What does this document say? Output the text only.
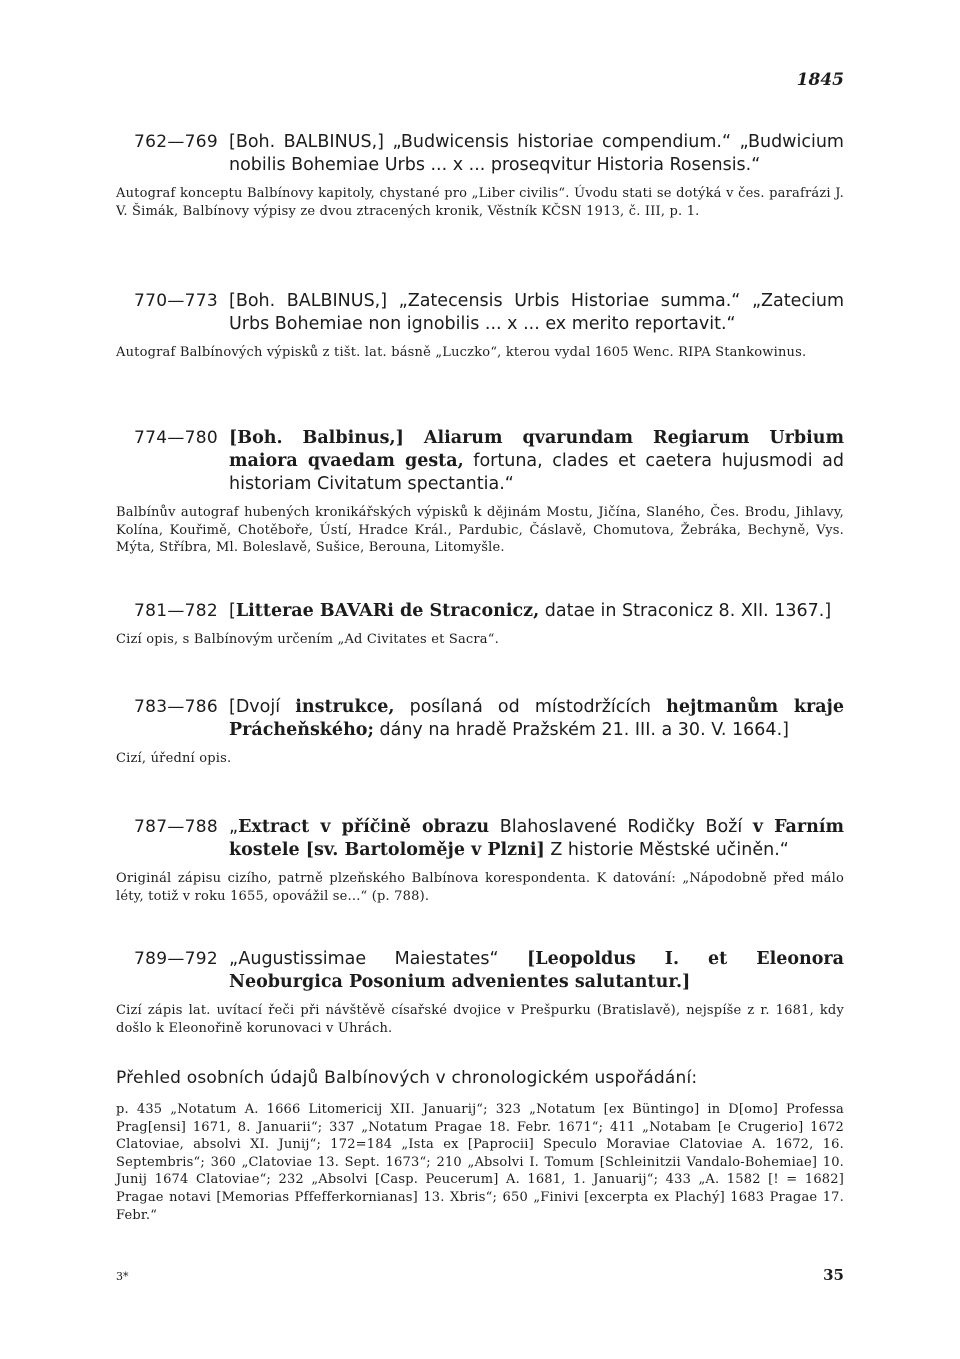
1845
762—769 [Boh. BALBINUS,] „Budwicensis historiae compendium.“ „Budwicium nobilis Bohemiae Urbs ... x ... proseqvitur Historia Rosensis.“
Autograf konceptu Balbínovy kapitoly, chystané pro „Liber civilis“. Úvodu stati se dotýká v čes. parafrázi J. V. Šimák, Balbínovy výpisy ze dvou ztracených kronik, Věstník KČSN 1913, č. III, p. 1.
770—773 [Boh. BALBINUS,] „Zatecensis Urbis Historiae summa.“ „Zatecium Urbs Bohemiae non ignobilis ... x ... ex merito reportavit.“
Autograf Balbínových výpisků z tišt. lat. básně „Luczko“, kterou vydal 1605 Wenc. RIPA Stankowinus.
774—780 [Boh. Balbinus,] Aliarum qvarundam Regiarum Urbium maiora qvaedam gesta, fortuna, clades et caetera hujusmodi ad historiam Civitatum spectantia.“
Balbínův autograf hubených kronikářských výpisků k dějinám Mostu, Jičína, Slaného, Čes. Brodu, Jihlavy, Kolína, Kouřimě, Chotěboře, Ústí, Hradce Král., Pardubic, Čáslavě, Chomutova, Žebráka, Bechyně, Vys. Mýta, Stříbra, Ml. Boleslavě, Sušice, Berouna, Litomyšle.
781—782 [Litterae BAVARi de Straconicz, datae in Straconicz 8. XII. 1367.]
Cizí opis, s Balbínovým určením „Ad Civitates et Sacra“.
783—786 [Dvojí instrukce, posílaná od místodržících hejtmanům kraje Prácheňského; dány na hradě Pražském 21. III. a 30. V. 1664.]
Cizí, úřední opis.
787—788 „Extract v příčině obrazu Blahoslavené Rodičky Boží v Farním kostele [sv. Bartoloměje v Plzni] Z historie Městské učiněn.“
Originál zápisu cizího, patrně plzeňského Balbínova korespondenta. K datování: „Nápodobně před málo léty, totiž v roku 1655, opovážil se...“ (p. 788).
789—792 „Augustissimae Maiestates“ [Leopoldus I. et Eleonora Neoburgica Posonium advenientes salutantur.]
Cizí zápis lat. uvítací řeči při návštěvě císařské dvojice v Prešpurku (Bratislavě), nejspíše z r. 1681, kdy došlo k Eleonořině korunovaci v Uhrách.
Přehled osobních údajů Balbínových v chronologickém uspořádání:
p. 435 „Notatum A. 1666 Litomericij XII. Januarij“; 323 „Notatum [ex Büntingo] in D[omo] Professa Prag[ensi] 1671, 8. Januarii“; 337 „Notatum Pragae 18. Febr. 1671“; 411 „Notabam [e Crugerio] 1672 Clatoviae, absolvi XI. Junij“; 172=184 „Ista ex [Paprocii] Speculo Moraviae Clatoviae A. 1672, 16. Septembris“; 360 „Clatoviae 13. Sept. 1673“; 210 „Absolvi I. Tomum [Schleinitzii Vandalo-Bohemiae] 10. Junij 1674 Clatoviae“; 232 „Absolvi [Casp. Peucerum] A. 1681, 1. Januarij“; 433 „A. 1582 [! = 1682] Pragae notavi [Memorias Pffefferkornianas] 13. Xbris“; 650 „Finivi [excerpta ex Plachý] 1683 Pragae 17. Febr.“
3*	35
